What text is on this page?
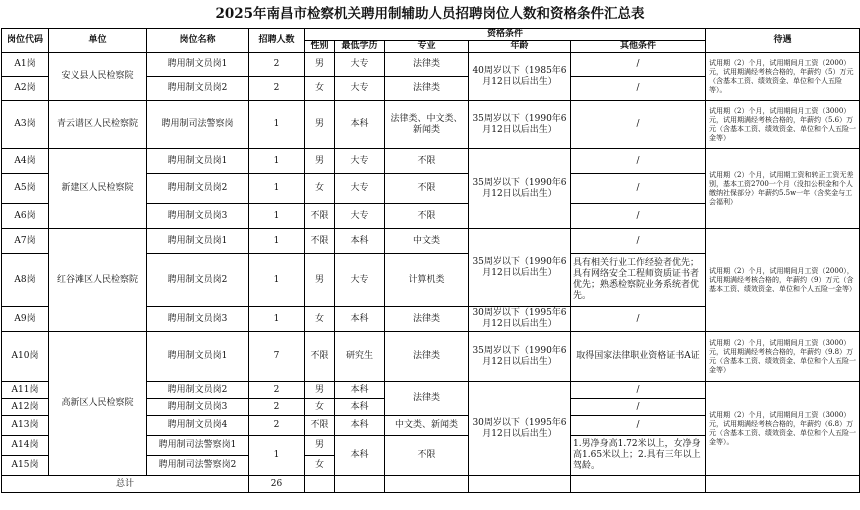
2025年南昌市检察机关聘用制辅助人员招聘岗位人数和资格条件汇总表
岗位代码	单位	岗位名称	招聘人数	资格条件					待遇
				性别	最低学历	专业	年龄	其他条件	
A1岗	安义县人民检察院	聘用制文员岗1	2	男	大专	法律类	40周岁以下（1985年6月12日以后出生）	/	试用期（2）个月，试用期间月工资（2000）元，试用期满经考核合格的，年薪约（5）万元（含基本工资、绩效资金、单位和个人五险等）。
A2岗		聘用制文员岗2	2	女	大专	法律类		/	
A3岗	青云谱区人民检察院	聘用制司法警察岗	1	男	本科	法律类、中文类、新闻类	35周岁以下（1990年6月12日以后出生）	/	试用期（2）个月，试用期间月工资（3000）元，试用期满经考核合格的，年薪约（5.6）万元（含基本工资、绩效资金、单位和个人五险一金等）
A4岗	新建区人民检察院	聘用制文员岗1	1	男	大专	不限	35周岁以下（1990年6月12日以后出生）	/	试用期（2）个月，试用期工资和转正工资无差别，基本工资2700一个月（没扣公积金和个人缴纳社保部分）年薪约5.5w一年（含奖金与工会福利）
A5岗		聘用制文员岗2	1	女	大专	不限		/	
A6岗		聘用制文员岗3	1	不限	大专	不限		/	
A7岗	红谷滩区人民检察院	聘用制文员岗1	1	不限	本科	中文类	35周岁以下（1990年6月12日以后出生）	/	试用期（2）个月，试用期间月工资（2000），试用期满经考核合格的，年薪约（9）万元（含基本工资、绩效资金、单位和个人五险一金等）
A8岗		聘用制文员岗2	1	男	大专	计算机类		具有相关行业工作经验者优先；具有网络安全工程师资质证书者优先；熟悉检察院业务系统者优先。	
A9岗		聘用制文员岗3	1	女	本科	法律类	30周岁以下（1995年6月12日以后出生）	/	
A10岗	高新区人民检察院	聘用制文员岗1	7	不限	研究生	法律类	35周岁以下（1990年6月12日以后出生）	取得国家法律职业资格证书A证	试用期（2）个月，试用期间月工资（3000）元，试用期满经考核合格的，年薪约（9.8）万元（含基本工资、绩效资金、单位和个人五险一金等）
A11岗		聘用制文员岗2	2	男	本科	法律类	30周岁以下（1995年6月12日以后出生）	/	试用期（2）个月，试用期间月工资（3000）元，试用期满经考核合格的，年薪约（6.8）万元（含基本工资、绩效资金、单位和个人五险一金等）。
A12岗		聘用制文员岗3	2	女	本科			/	
A13岗		聘用制文员岗4	2	不限	本科	中文类、新闻类		/	
A14岗		聘用制司法警察岗1	1	男	本科	不限		1.男净身高1.72米以上，女净身高1.65米以上；2.具有三年以上驾龄。	
A15岗		聘用制司法警察岗2		女					
总计			26						
